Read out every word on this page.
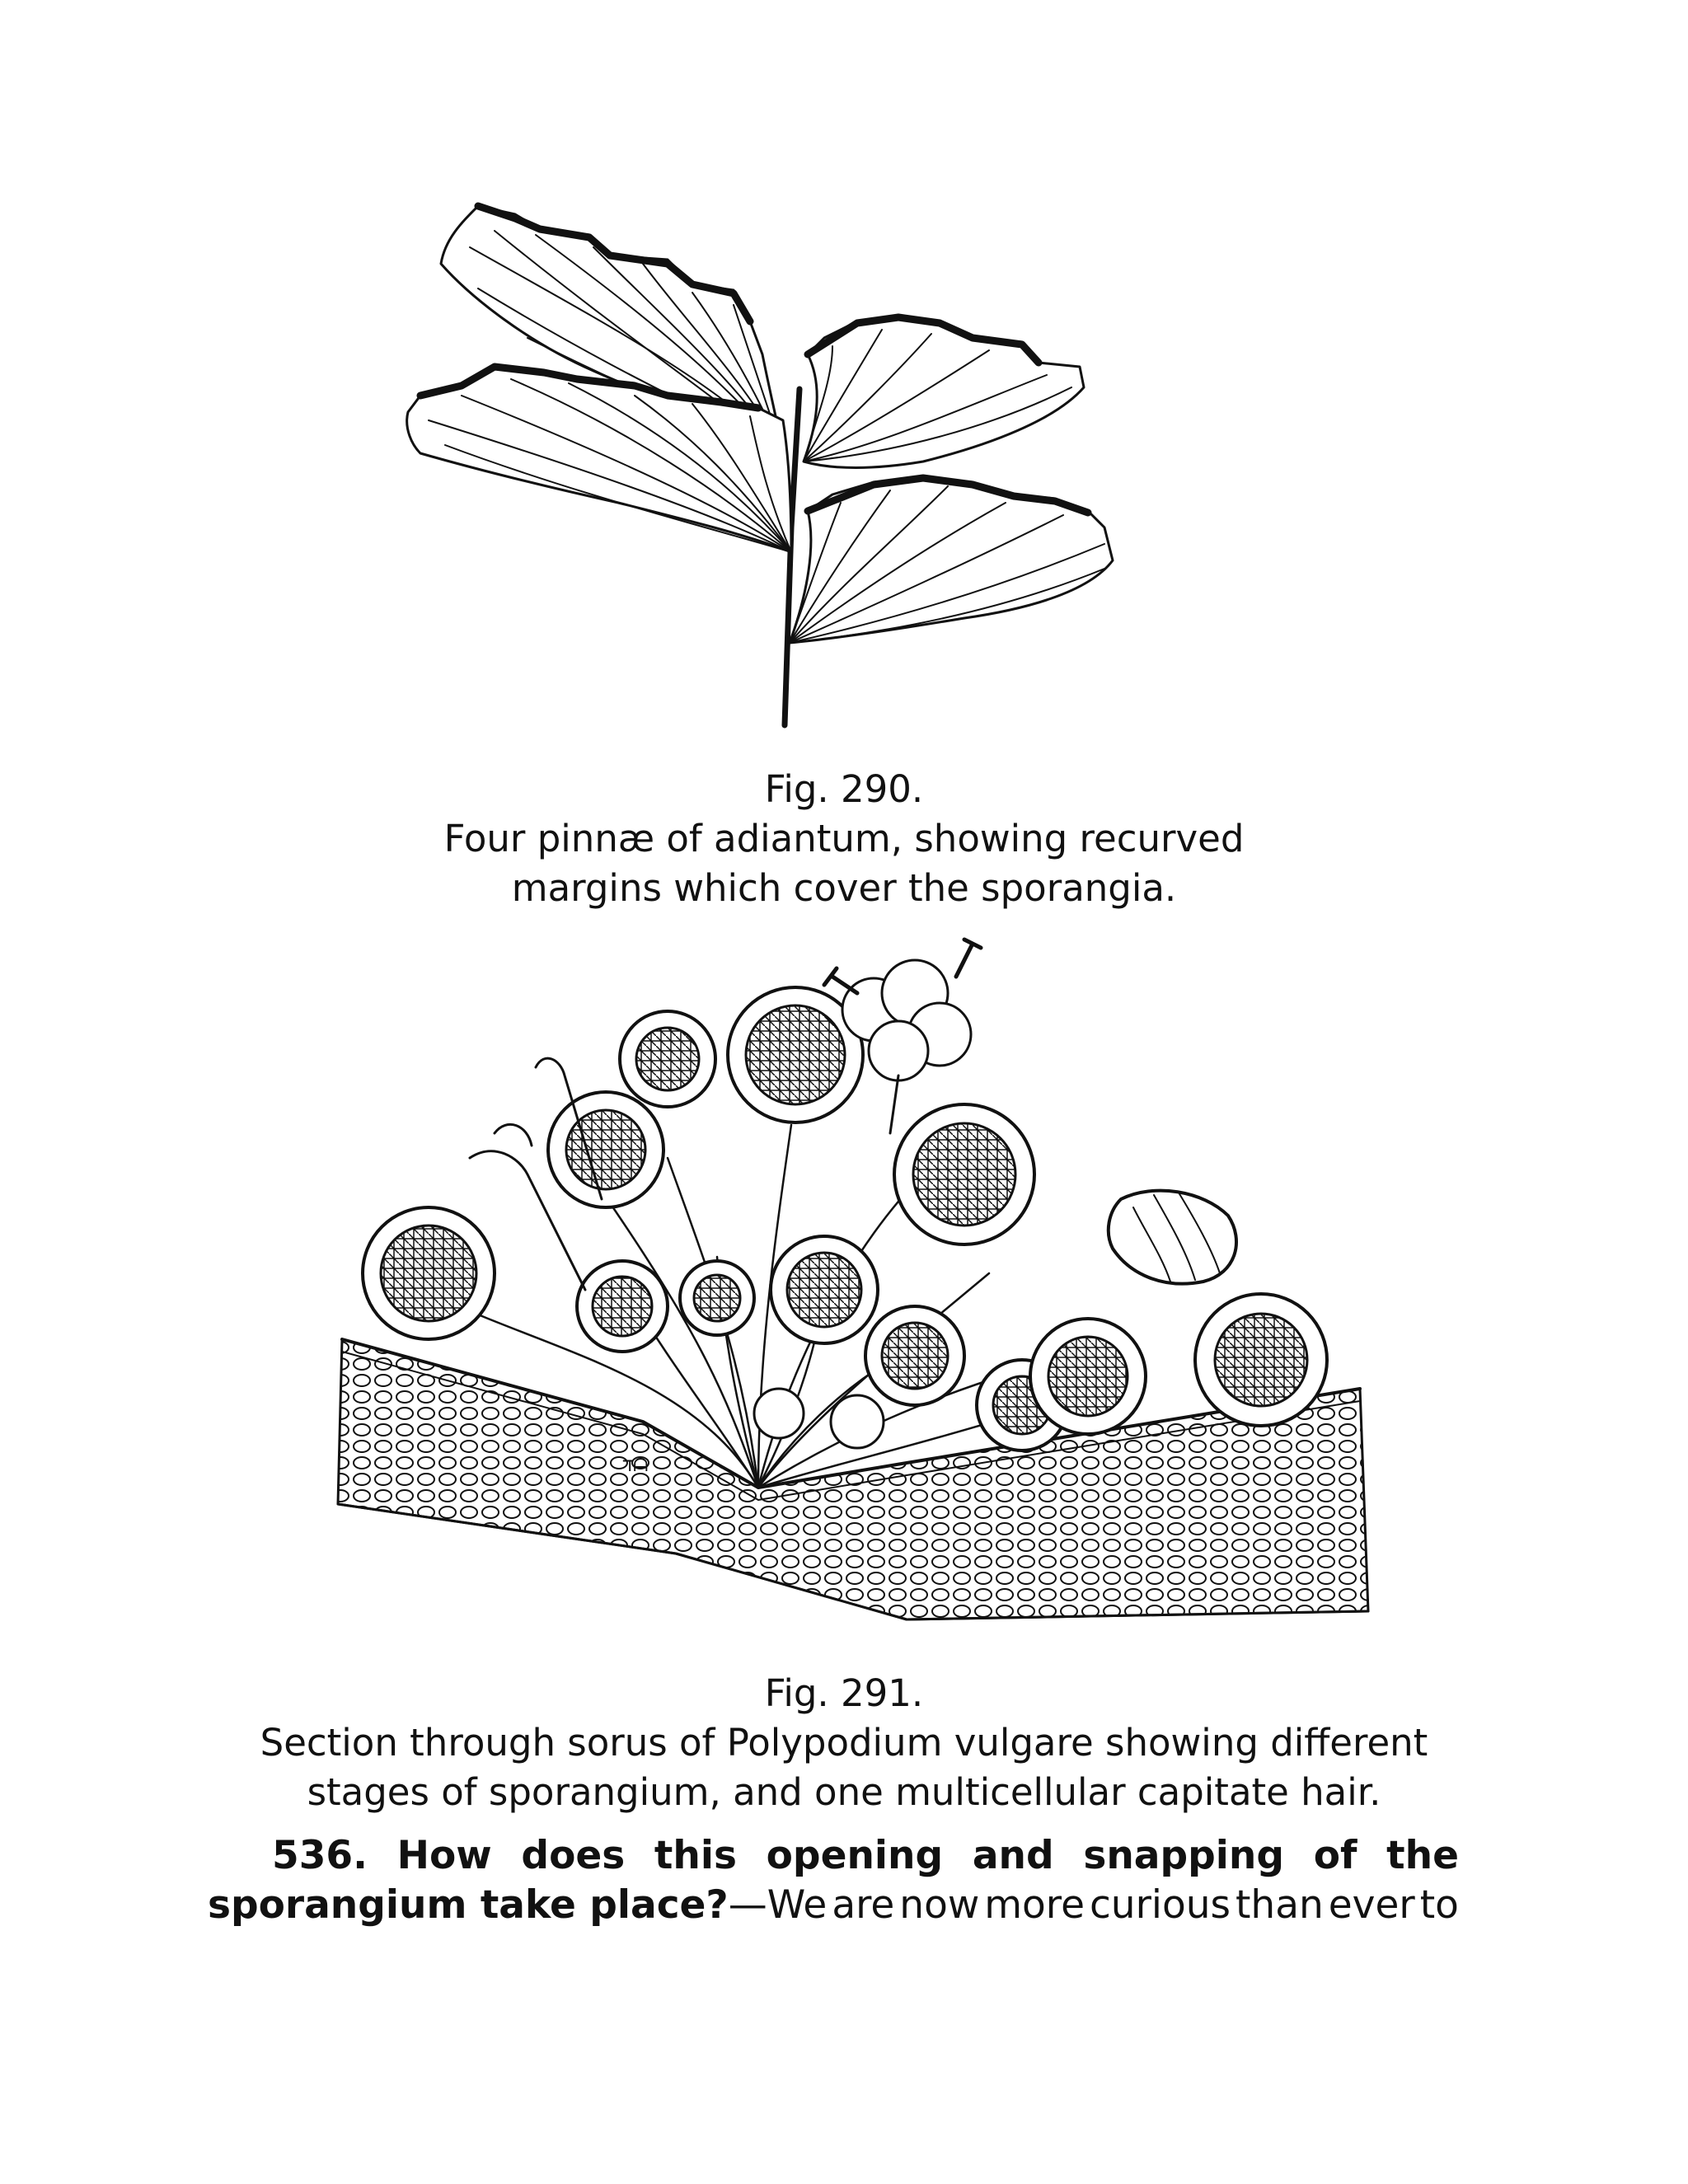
Fig. 290.
Four pinnæ of adiantum, showing recurved
margins which cover the sporangia.
ℸᗩ
Fig. 291.
Section through sorus of Polypodium vulgare showing different
stages of sporangium, and one multicellular capitate hair.
536. How does this opening and snapping of the
sporangium take place?—We are now more curious than ever to
